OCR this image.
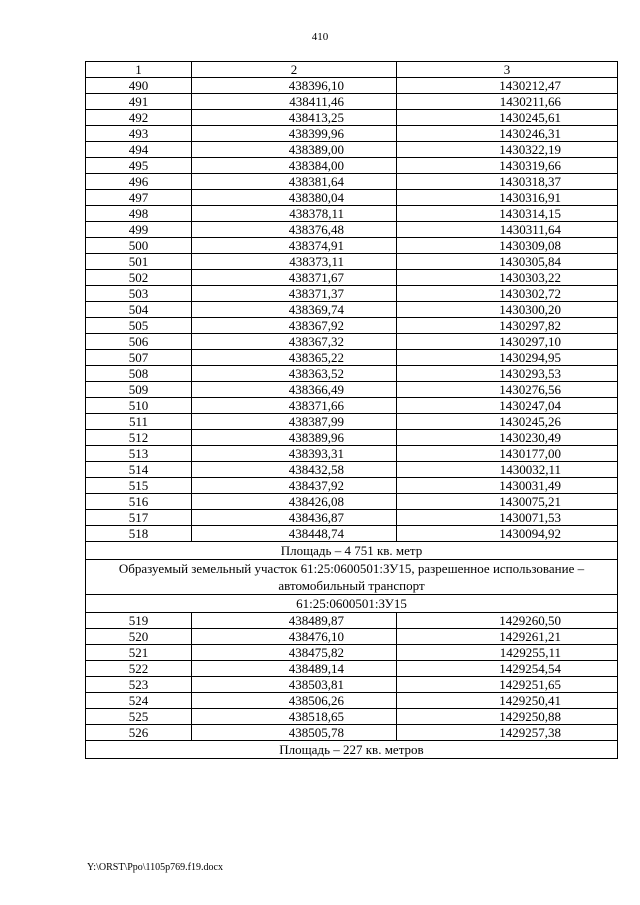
410
1	2	3
490	438396,10	1430212,47
491	438411,46	1430211,66
492	438413,25	1430245,61
493	438399,96	1430246,31
494	438389,00	1430322,19
495	438384,00	1430319,66
496	438381,64	1430318,37
497	438380,04	1430316,91
498	438378,11	1430314,15
499	438376,48	1430311,64
500	438374,91	1430309,08
501	438373,11	1430305,84
502	438371,67	1430303,22
503	438371,37	1430302,72
504	438369,74	1430300,20
505	438367,92	1430297,82
506	438367,32	1430297,10
507	438365,22	1430294,95
508	438363,52	1430293,53
509	438366,49	1430276,56
510	438371,66	1430247,04
511	438387,99	1430245,26
512	438389,96	1430230,49
513	438393,31	1430177,00
514	438432,58	1430032,11
515	438437,92	1430031,49
516	438426,08	1430075,21
517	438436,87	1430071,53
518	438448,74	1430094,92
Площадь – 4 751 кв. метр		
Образуемый земельный участок 61:25:0600501:ЗУ15, разрешенное использование – автомобильный транспорт		
61:25:0600501:ЗУ15		
519	438489,87	1429260,50
520	438476,10	1429261,21
521	438475,82	1429255,11
522	438489,14	1429254,54
523	438503,81	1429251,65
524	438506,26	1429250,41
525	438518,65	1429250,88
526	438505,78	1429257,38
Площадь – 227 кв. метров		
Y:\ORST\Ppo\1105p769.f19.docx
